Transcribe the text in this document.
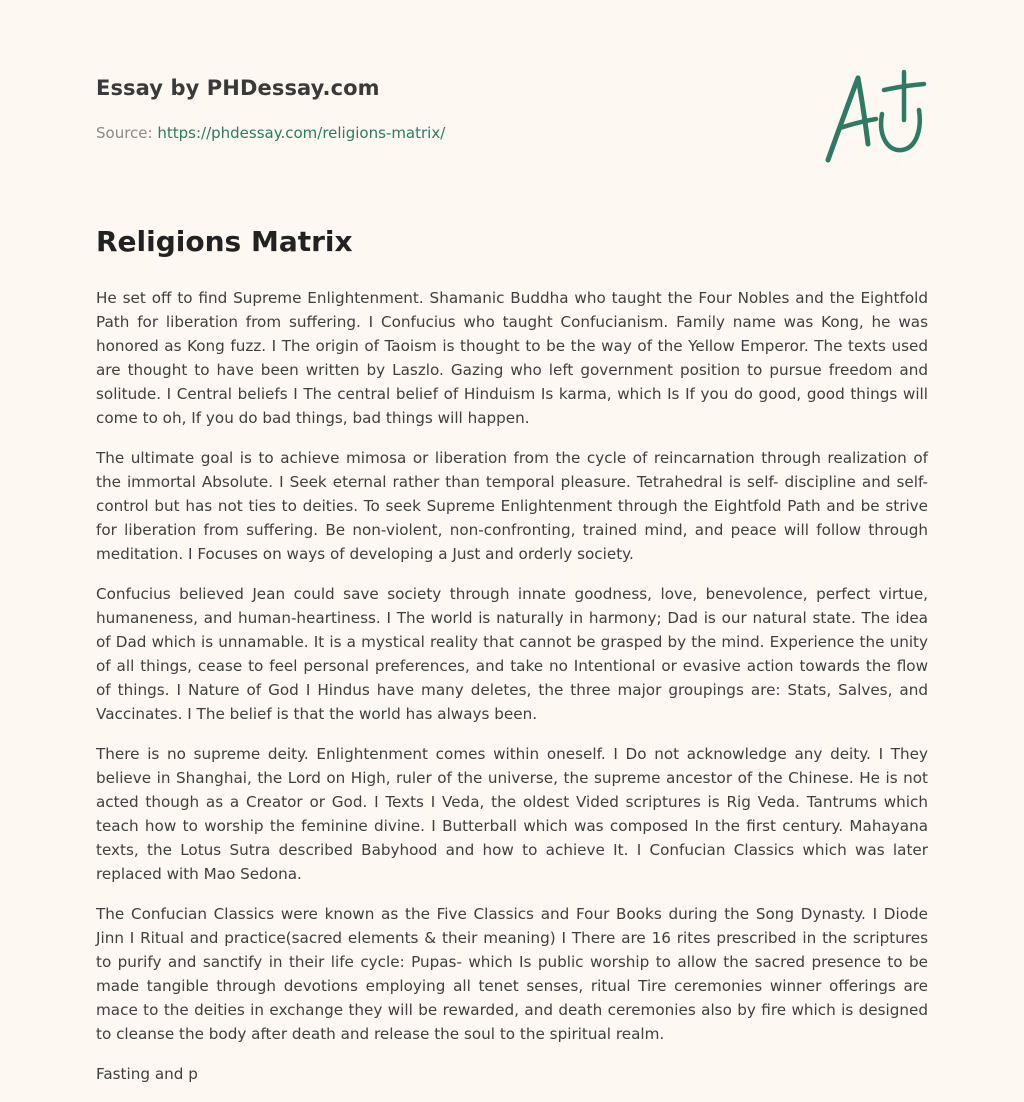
Essay by PHDessay.com
Source: https://phdessay.com/religions-matrix/
Religions Matrix

He set off to find Supreme Enlightenment. Shamanic Buddha who taught the Four Nobles and the Eightfold Path for liberation from suffering. I Confucius who taught Confucianism. Family name was Kong, he was honored as Kong fuzz. I The origin of Taoism is thought to be the way of the Yellow Emperor. The texts used are thought to have been written by Laszlo. Gazing who left government position to pursue freedom and solitude. I Central beliefs I The central belief of Hinduism Is karma, which Is If you do good, good things will come to oh, If you do bad things, bad things will happen.

The ultimate goal is to achieve mimosa or liberation from the cycle of reincarnation through realization of the immortal Absolute. I Seek eternal rather than temporal pleasure. Tetrahedral is self- discipline and self-control but has not ties to deities. To seek Supreme Enlightenment through the Eightfold Path and be strive for liberation from suffering. Be non-violent, non-confronting, trained mind, and peace will follow through meditation. I Focuses on ways of developing a Just and orderly society.

Confucius believed Jean could save society through innate goodness, love, benevolence, perfect virtue, humaneness, and human-heartiness. I The world is naturally in harmony; Dad is our natural state. The idea of Dad which is unnamable. It is a mystical reality that cannot be grasped by the mind. Experience the unity of all things, cease to feel personal preferences, and take no Intentional or evasive action towards the flow of things. I Nature of God I Hindus have many deletes, the three major groupings are: Stats, Salves, and Vaccinates. I The belief is that the world has always been.

There is no supreme deity. Enlightenment comes within oneself. I Do not acknowledge any deity. I They believe in Shanghai, the Lord on High, ruler of the universe, the supreme ancestor of the Chinese. He is not acted though as a Creator or God. I Texts I Veda, the oldest Vided scriptures is Rig Veda. Tantrums which teach how to worship the feminine divine. I Butterball which was composed In the first century. Mahayana texts, the Lotus Sutra described Babyhood and how to achieve It. I Confucian Classics which was later replaced with Mao Sedona.

The Confucian Classics were known as the Five Classics and Four Books during the Song Dynasty. I Diode Jinn I Ritual and practice(sacred elements & their meaning) I There are 16 rites prescribed in the scriptures to purify and sanctify in their life cycle: Pupas- which Is public worship to allow the sacred presence to be made tangible through devotions employing all tenet senses, ritual Tire ceremonies winner offerings are mace to the deities in exchange they will be rewarded, and death ceremonies also by fire which is designed to cleanse the body after death and release the soul to the spiritual realm.

Fasting and p
